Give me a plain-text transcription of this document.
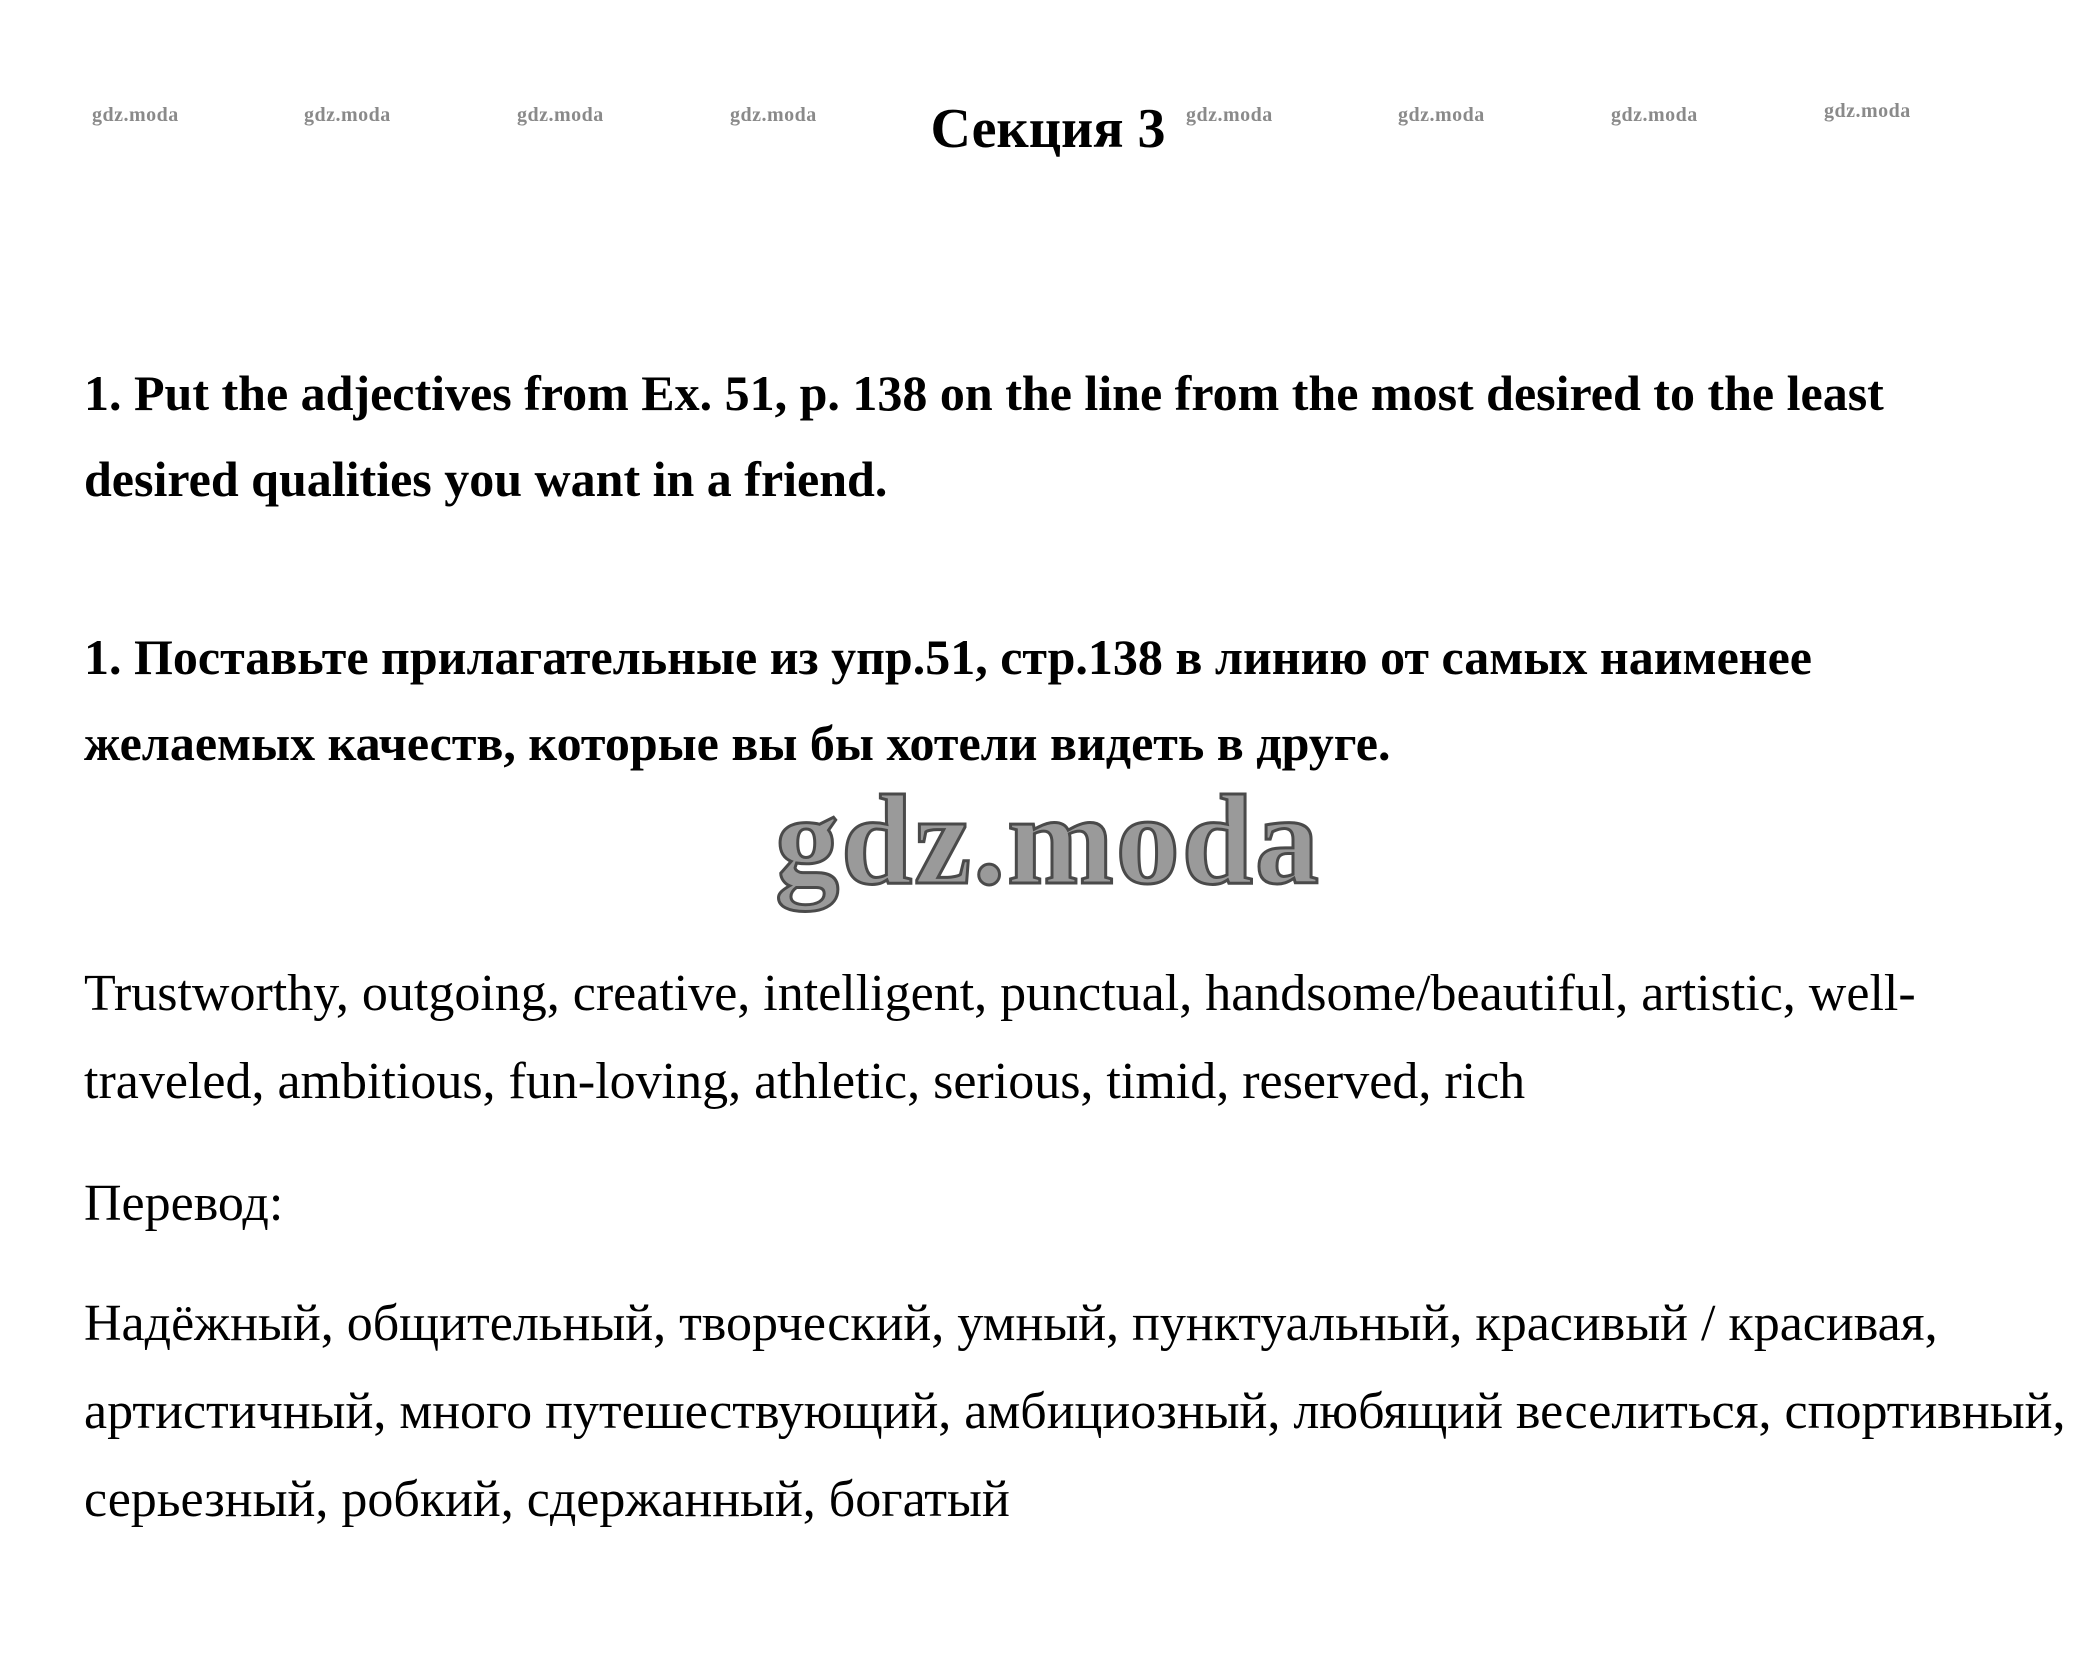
gdz.moda	gdz.moda	gdz.moda	gdz.moda	gdz.moda	gdz.moda	gdz.moda	gdz.moda
Секция 3

1. Put the adjectives from Ex. 51, p. 138 on the line from the most desired to the least desired qualities you want in a friend.

1. Поставьте прилагательные из упр.51, стр.138 в линию от самых наименее желаемых качеств, которые вы бы хотели видеть в друге.

gdz.moda

Trustworthy, outgoing, creative, intelligent, punctual, handsome/beautiful, artistic, well-traveled, ambitious, fun-loving, athletic, serious, timid, reserved, rich

Перевод:

Надёжный, общительный, творческий, умный, пунктуальный, красивый / красивая, артистичный, много путешествующий, амбициозный, любящий веселиться, спортивный, серьезный, робкий, сдержанный, богатый
